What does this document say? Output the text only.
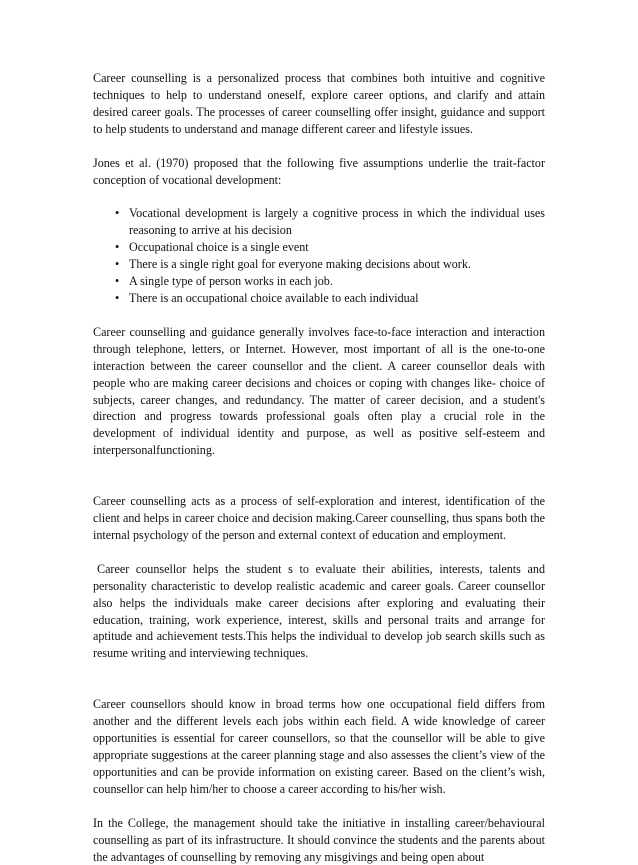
Career counselling is a personalized process that combines both intuitive and cognitive techniques to help to understand oneself, explore career options, and clarify and attain desired career goals. The processes of career counselling offer insight, guidance and support to help students to understand and manage different career and lifestyle issues.

Jones et al. (1970) proposed that the following five assumptions underlie the trait-factor conception of vocational development:

• Vocational development is largely a cognitive process in which the individual uses reasoning to arrive at his decision
• Occupational choice is a single event
• There is a single right goal for everyone making decisions about work.
• A single type of person works in each job.
• There is an occupational choice available to each individual

Career counselling and guidance generally involves face-to-face interaction and interaction through telephone, letters, or Internet. However, most important of all is the one-to-one interaction between the career counsellor and the client. A career counsellor deals with people who are making career decisions and choices or coping with changes like- choice of subjects, career changes, and redundancy. The matter of career decision, and a student's direction and progress towards professional goals often play a crucial role in the development of individual identity and purpose, as well as positive self-esteem and interpersonalfunctioning.

Career counselling acts as a process of self-exploration and interest, identification of the client and helps in career choice and decision making.Career counselling, thus spans both the internal psychology of the person and external context of education and employment.

Career counsellor helps the student s to evaluate their abilities, interests, talents and personality characteristic to develop realistic academic and career goals. Career counsellor also helps the individuals make career decisions after exploring and evaluating their education, training, work experience, interest, skills and personal traits and arrange for aptitude and achievement tests.This helps the individual to develop job search skills such as resume writing and interviewing techniques.

Career counsellors should know in broad terms how one occupational field differs from another and the different levels each jobs within each field. A wide knowledge of career opportunities is essential for career counsellors, so that the counsellor will be able to give appropriate suggestions at the career planning stage and also assesses the client’s view of the opportunities and can be provide information on existing career. Based on the client’s wish, counsellor can help him/her to choose a career according to his/her wish.

In the College, the management should take the initiative in installing career/behavioural counselling as part of its infrastructure. It should convince the students and the parents about the advantages of counselling by removing any misgivings and being open about
